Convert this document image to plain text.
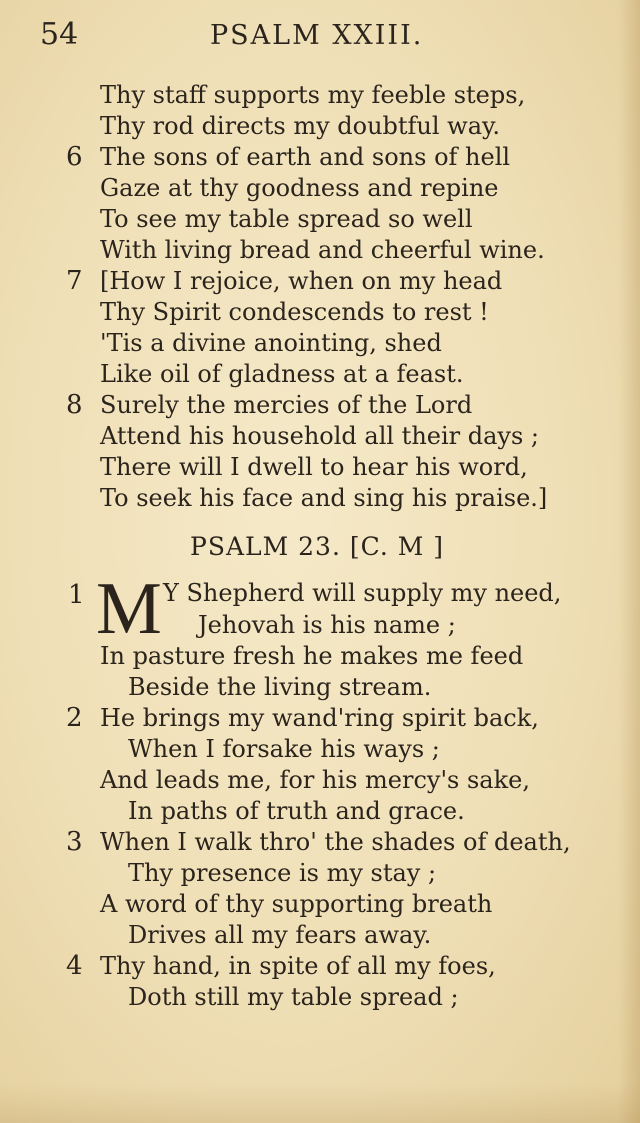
54	PSALM XXIII.
Thy staff supports my feeble steps,
Thy rod directs my doubtful way.
6 The sons of earth and sons of hell
Gaze at thy goodness and repine
To see my table spread so well
With living bread and cheerful wine.
7 [How I rejoice, when on my head
Thy Spirit condescends to rest !
'Tis a divine anointing, shed
Like oil of gladness at a feast.
8 Surely the mercies of the Lord
Attend his household all their days ;
There will I dwell to hear his word,
To seek his face and sing his praise.]
PSALM 23. [C. M ]
1 M Y Shepherd will supply my need,
Jehovah is his name ;
In pasture fresh he makes me feed
Beside the living stream.
2 He brings my wand'ring spirit back,
When I forsake his ways ;
And leads me, for his mercy's sake,
In paths of truth and grace.
3 When I walk thro' the shades of death,
Thy presence is my stay ;
A word of thy supporting breath
Drives all my fears away.
4 Thy hand, in spite of all my foes,
Doth still my table spread ;
